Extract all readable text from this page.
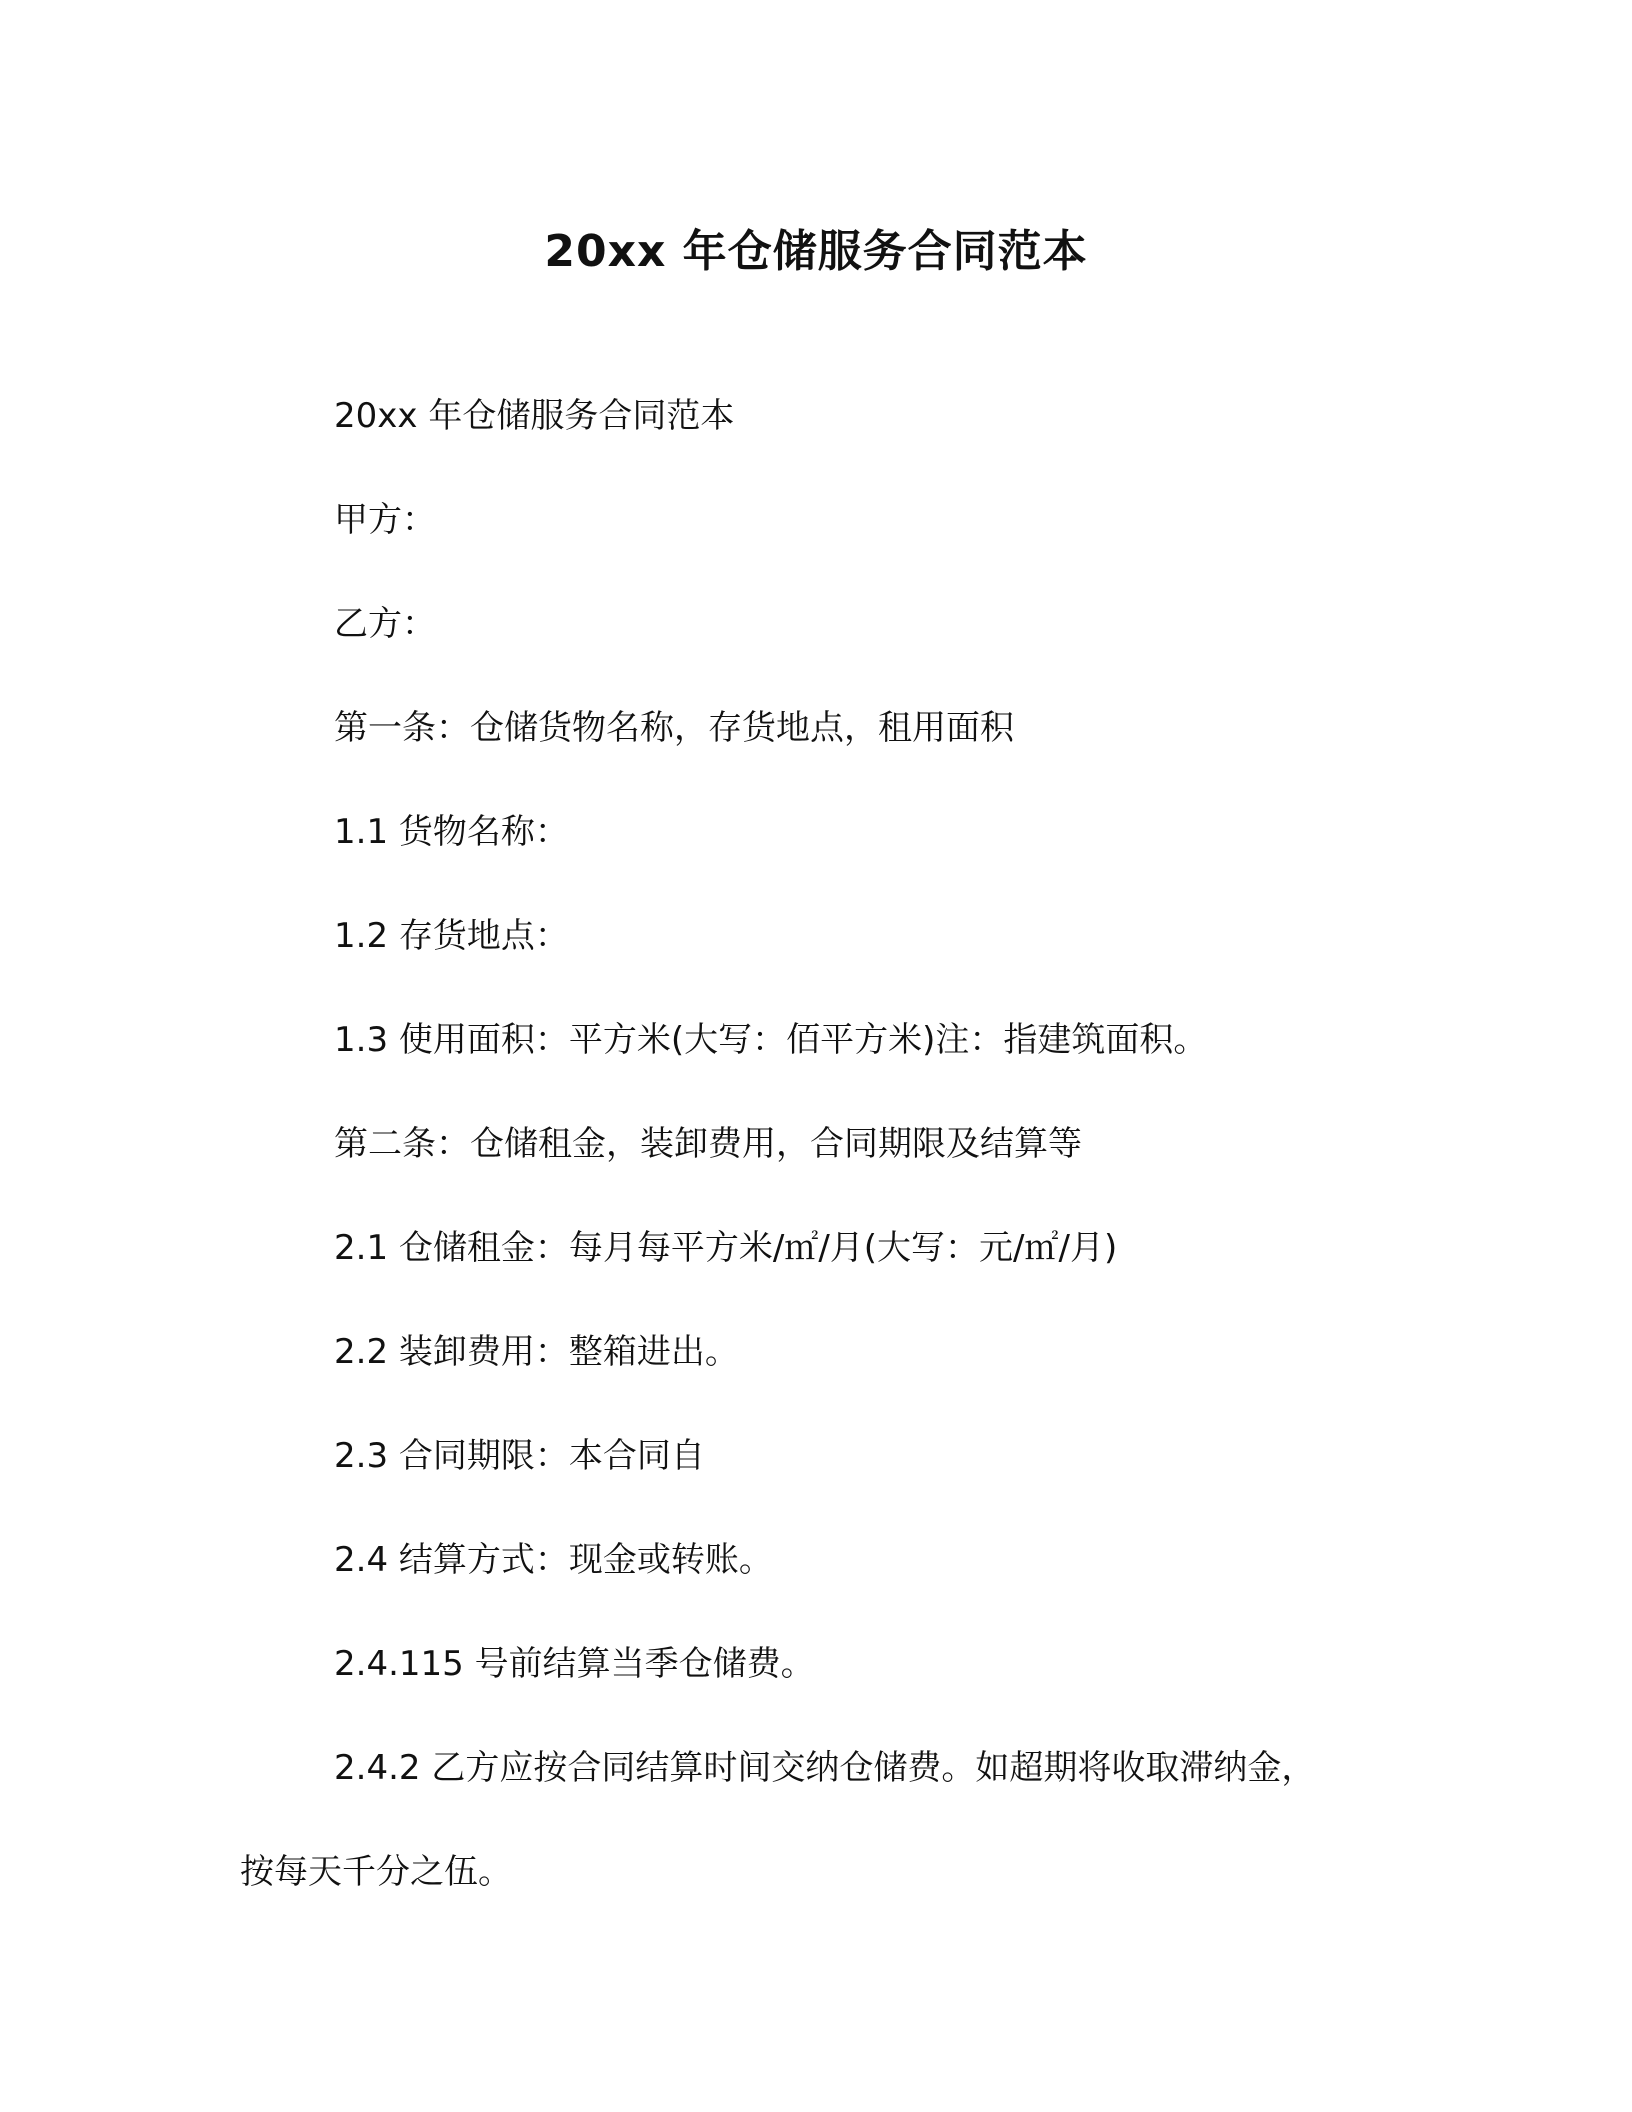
20xx 年仓储服务合同范本

20xx 年仓储服务合同范本

甲方：

乙方：

第一条：仓储货物名称，存货地点，租用面积

1.1 货物名称：

1.2 存货地点：

1.3 使用面积：平方米(大写：佰平方米)注：指建筑面积。

第二条：仓储租金，装卸费用，合同期限及结算等

2.1 仓储租金：每月每平方米/㎡/月(大写：元/㎡/月)

2.2 装卸费用：整箱进出。

2.3 合同期限：本合同自

2.4 结算方式：现金或转账。

2.4.115 号前结算当季仓储费。

2.4.2 乙方应按合同结算时间交纳仓储费。如超期将收取滞纳金，
按每天千分之伍。
